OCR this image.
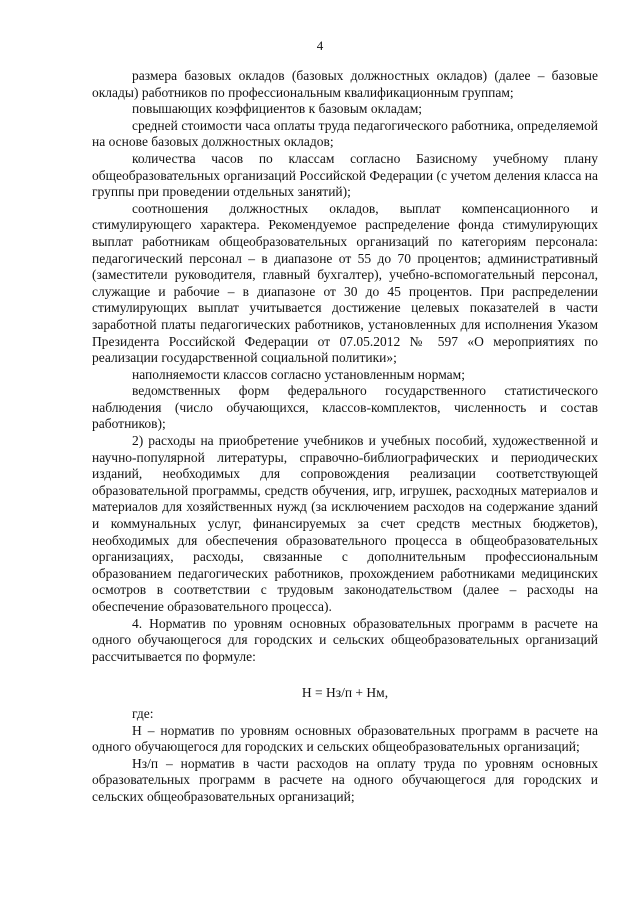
4

размера базовых окладов (базовых должностных окладов) (далее – базовые оклады) работников по профессиональным квалификационным группам;

повышающих коэффициентов к базовым окладам;

средней стоимости часа оплаты труда педагогического работника, определяемой на основе базовых должностных окладов;

количества часов по классам согласно Базисному учебному плану общеобразовательных организаций Российской Федерации (с учетом деления класса на группы при проведении отдельных занятий);

соотношения должностных окладов, выплат компенсационного и стимулирующего характера. Рекомендуемое распределение фонда стимулирующих выплат работникам общеобразовательных организаций по категориям персонала: педагогический персонал – в диапазоне от 55 до 70 процентов; административный (заместители руководителя, главный бухгалтер), учебно-вспомогательный персонал, служащие и рабочие – в диапазоне от 30 до 45 процентов. При распределении стимулирующих выплат учитывается достижение целевых показателей в части заработной платы педагогических работников, установленных для исполнения Указом Президента Российской Федерации от 07.05.2012 № 597 «О мероприятиях по реализации государственной социальной политики»;

наполняемости классов согласно установленным нормам;

ведомственных форм федерального государственного статистического наблюдения (число обучающихся, классов-комплектов, численность и состав работников);

2) расходы на приобретение учебников и учебных пособий, художественной и научно-популярной литературы, справочно-библиографических и периодических изданий, необходимых для сопровождения реализации соответствующей образовательной программы, средств обучения, игр, игрушек, расходных материалов и материалов для хозяйственных нужд (за исключением расходов на содержание зданий и коммунальных услуг, финансируемых за счет средств местных бюджетов), необходимых для обеспечения образовательного процесса в общеобразовательных организациях, расходы, связанные с дополнительным профессиональным образованием педагогических работников, прохождением работниками медицинских осмотров в соответствии с трудовым законодательством (далее – расходы на обеспечение образовательного процесса).

4. Норматив по уровням основных образовательных программ в расчете на одного обучающегося для городских и сельских общеобразовательных организаций рассчитывается по формуле:

Н = Нз/п + Нм,

где:

Н – норматив по уровням основных образовательных программ в расчете на одного обучающегося для городских и сельских общеобразовательных организаций;

Нз/п – норматив в части расходов на оплату труда по уровням основных образовательных программ в расчете на одного обучающегося для городских и сельских общеобразовательных организаций;
